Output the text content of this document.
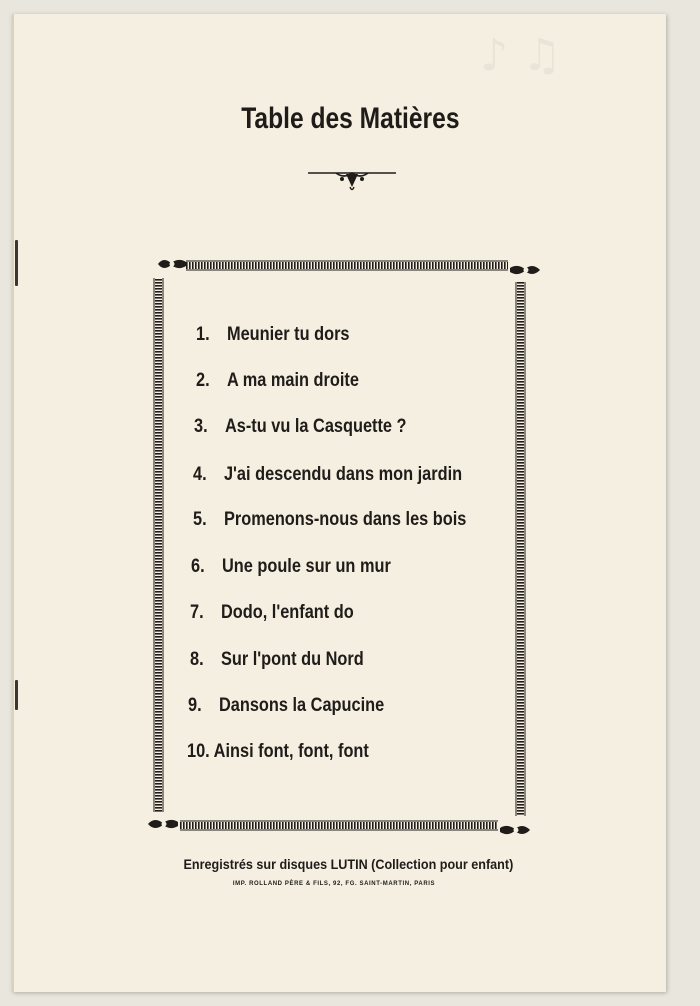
♪ ♫
Table des Matières
1. Meunier tu dors
2. A ma main droite
3. As-tu vu la Casquette ?
4. J'ai descendu dans mon jardin
5. Promenons-nous dans les bois
6. Une poule sur un mur
7. Dodo, l'enfant do
8. Sur l'pont du Nord
9. Dansons la Capucine
10. Ainsi font, font, font
Enregistrés sur disques LUTIN (Collection pour enfant)
IMP. ROLLAND PÈRE & FILS, 92, FG. SAINT-MARTIN, PARIS
